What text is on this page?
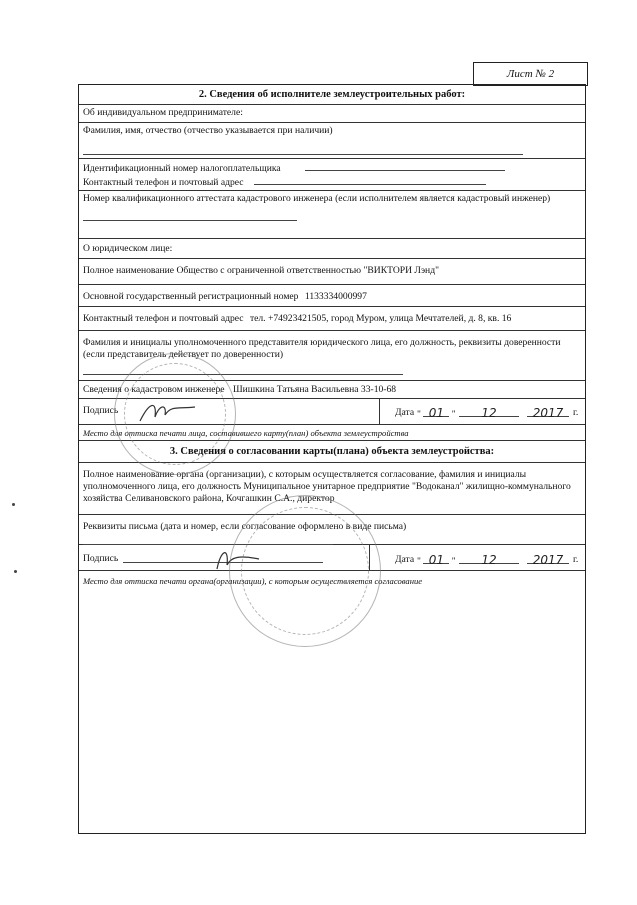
Лист № 2
2. Сведения об исполнителе землеустроительных работ:
Об индивидуальном предпринимателе:
Фамилия, имя, отчество (отчество указывается при наличии)
Идентификационный номер налогоплательщика
Контактный телефон и почтовый адрес
Номер квалификационного аттестата кадастрового инженера (если исполнителем является кадастровый инженер)
О юридическом лице:
Полное наименование Общество с ограниченной ответственностью "ВИКТОРИ Лэнд"
Основной государственный регистрационный номер 1133334000997
Контактный телефон и почтовый адрес тел. +74923421505, город Муром, улица Мечтателей, д. 8, кв. 16
Фамилия и инициалы уполномоченного представителя юридического лица, его должность, реквизиты доверенности (если представитель действует по доверенности)
Сведения о кадастровом инженере Шишкина Татьяна Васильевна 33-10-68
Подпись	Дата " 01 "	12	2017	г.
Место для оттиска печати лица, составившего карту(план) объекта землеустройства
3. Сведения о согласовании карты(плана) объекта землеустройства:
Полное наименование органа (организации), с которым осуществляется согласование, фамилия и инициалы уполномоченного лица, его должность Муниципальное унитарное предприятие "Водоканал" жилищно-коммунального хозяйства Селивановского района, Кочгашкин С.А., директор
Реквизиты письма (дата и номер, если согласование оформлено в виде письма)
Подпись	Дата " 01 "	12	2017	г.
Место для оттиска печати органа(организации), с которым осуществляется согласование
